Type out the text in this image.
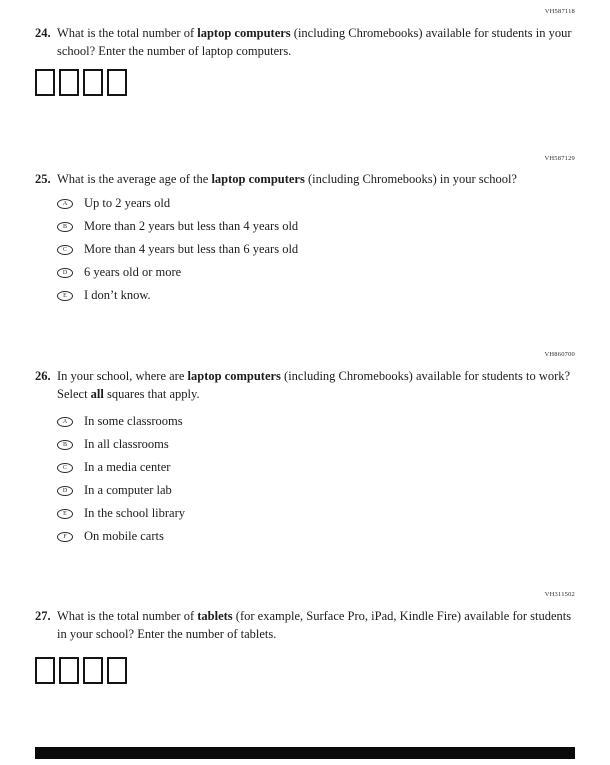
VH587118
24. What is the total number of laptop computers (including Chromebooks) available for students in your school? Enter the number of laptop computers.
VH587129
25. What is the average age of the laptop computers (including Chromebooks) in your school?
A Up to 2 years old
B More than 2 years but less than 4 years old
C More than 4 years but less than 6 years old
D 6 years old or more
E I don’t know.
VH860700
26. In your school, where are laptop computers (including Chromebooks) available for students to work? Select all squares that apply.
A In some classrooms
B In all classrooms
C In a media center
D In a computer lab
E In the school library
F On mobile carts
VH311502
27. What is the total number of tablets (for example, Surface Pro, iPad, Kindle Fire) available for students in your school? Enter the number of tablets.
